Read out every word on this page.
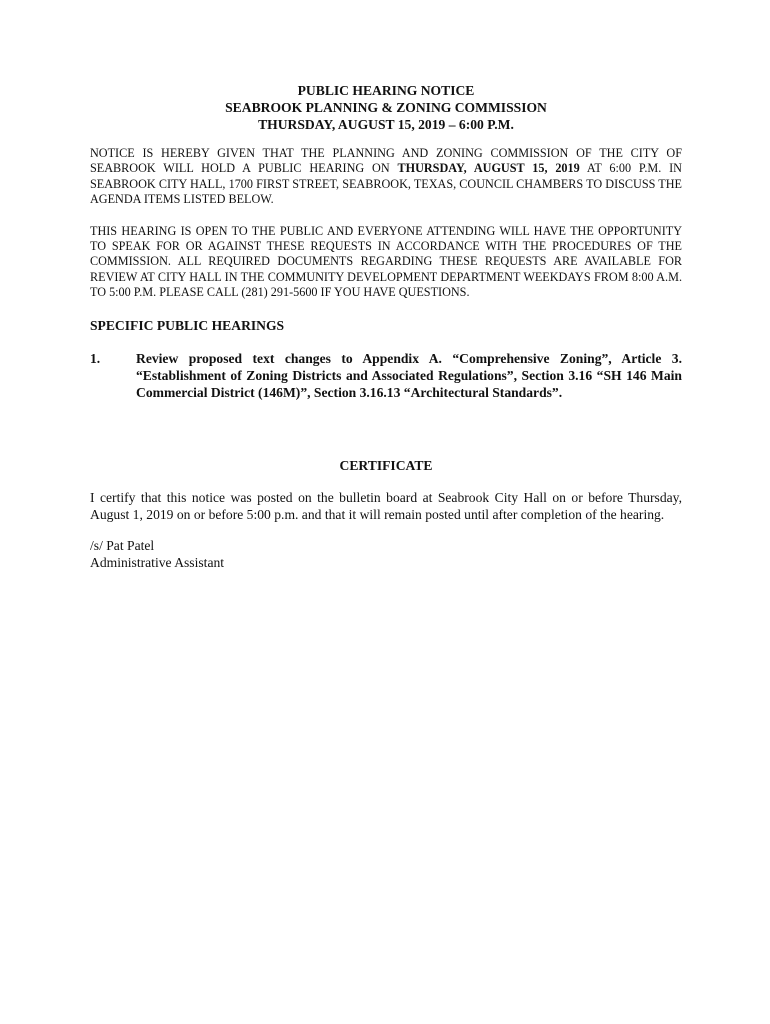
PUBLIC HEARING NOTICE
SEABROOK PLANNING & ZONING COMMISSION
THURSDAY, AUGUST 15, 2019 – 6:00 P.M.

NOTICE IS HEREBY GIVEN THAT THE PLANNING AND ZONING COMMISSION OF THE CITY OF SEABROOK WILL HOLD A PUBLIC HEARING ON THURSDAY, AUGUST 15, 2019 AT 6:00 P.M. IN SEABROOK CITY HALL, 1700 FIRST STREET, SEABROOK, TEXAS, COUNCIL CHAMBERS TO DISCUSS THE AGENDA ITEMS LISTED BELOW.

THIS HEARING IS OPEN TO THE PUBLIC AND EVERYONE ATTENDING WILL HAVE THE OPPORTUNITY TO SPEAK FOR OR AGAINST THESE REQUESTS IN ACCORDANCE WITH THE PROCEDURES OF THE COMMISSION. ALL REQUIRED DOCUMENTS REGARDING THESE REQUESTS ARE AVAILABLE FOR REVIEW AT CITY HALL IN THE COMMUNITY DEVELOPMENT DEPARTMENT WEEKDAYS FROM 8:00 A.M. TO 5:00 P.M. PLEASE CALL (281) 291-5600 IF YOU HAVE QUESTIONS.

SPECIFIC PUBLIC HEARINGS
1.	Review proposed text changes to Appendix A. “Comprehensive Zoning”, Article 3. “Establishment of Zoning Districts and Associated Regulations”, Section 3.16 “SH 146 Main Commercial District (146M)”, Section 3.16.13 “Architectural Standards”.
CERTIFICATE

I certify that this notice was posted on the bulletin board at Seabrook City Hall on or before Thursday, August 1, 2019 on or before 5:00 p.m. and that it will remain posted until after completion of the hearing.

/s/ Pat Patel
Administrative Assistant
